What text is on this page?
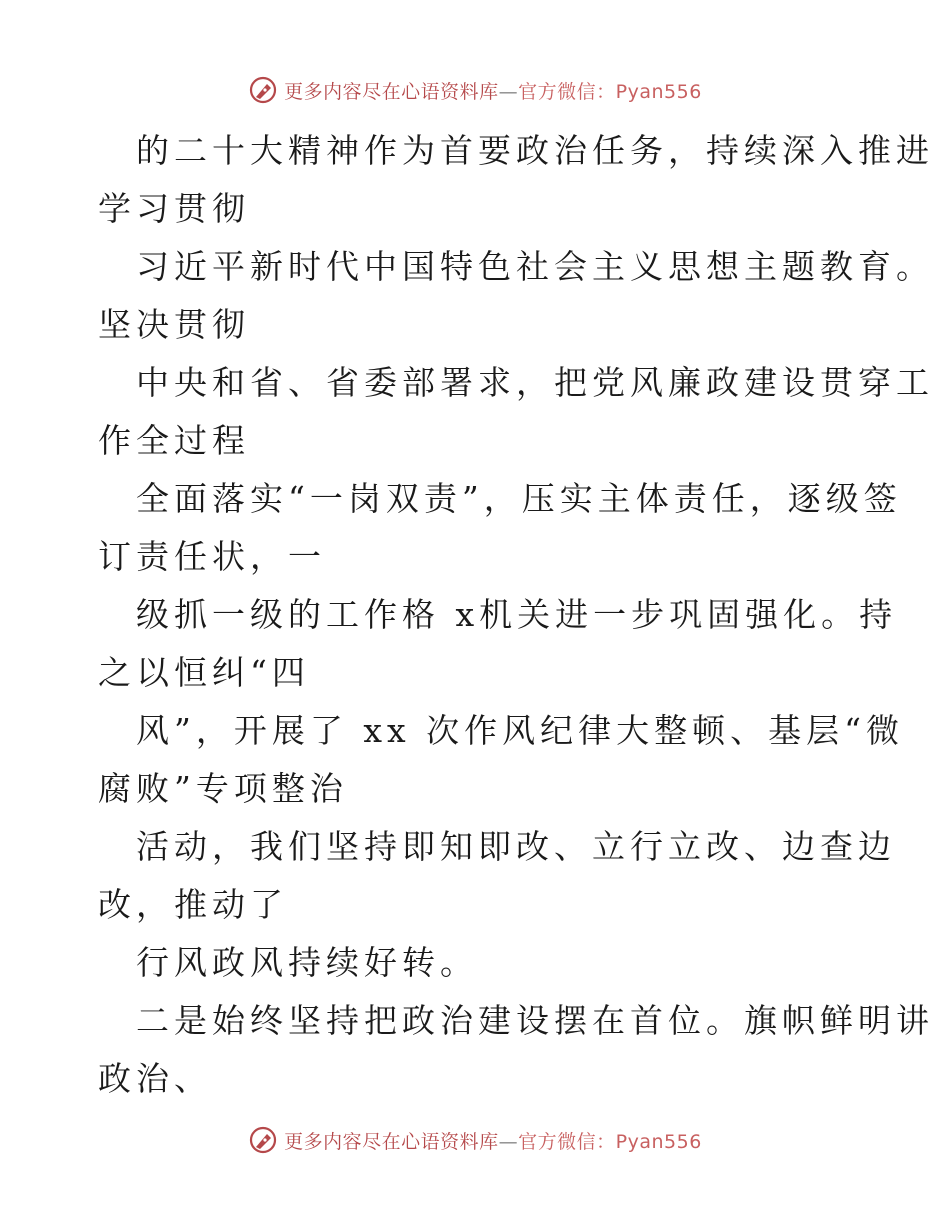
更多内容尽在心语资料库—官方微信：Pyan556

的二十大精神作为首要政治任务，持续深入推进

学习贯彻

习近平新时代中国特色社会主义思想主题教育。

坚决贯彻

中央和省、省委部署求，把党风廉政建设贯穿工

作全过程

全面落实“一岗双责”，压实主体责任，逐级签

订责任状，一

级抓一级的工作格 x机关进一步巩固强化。持

之以恒纠“四

风”，开展了 xx 次作风纪律大整顿、基层“微

腐败”专项整治

活动，我们坚持即知即改、立行立改、边查边

改，推动了

行风政风持续好转。

二是始终坚持把政治建设摆在首位。旗帜鲜明讲

政治、

更多内容尽在心语资料库—官方微信：Pyan556
